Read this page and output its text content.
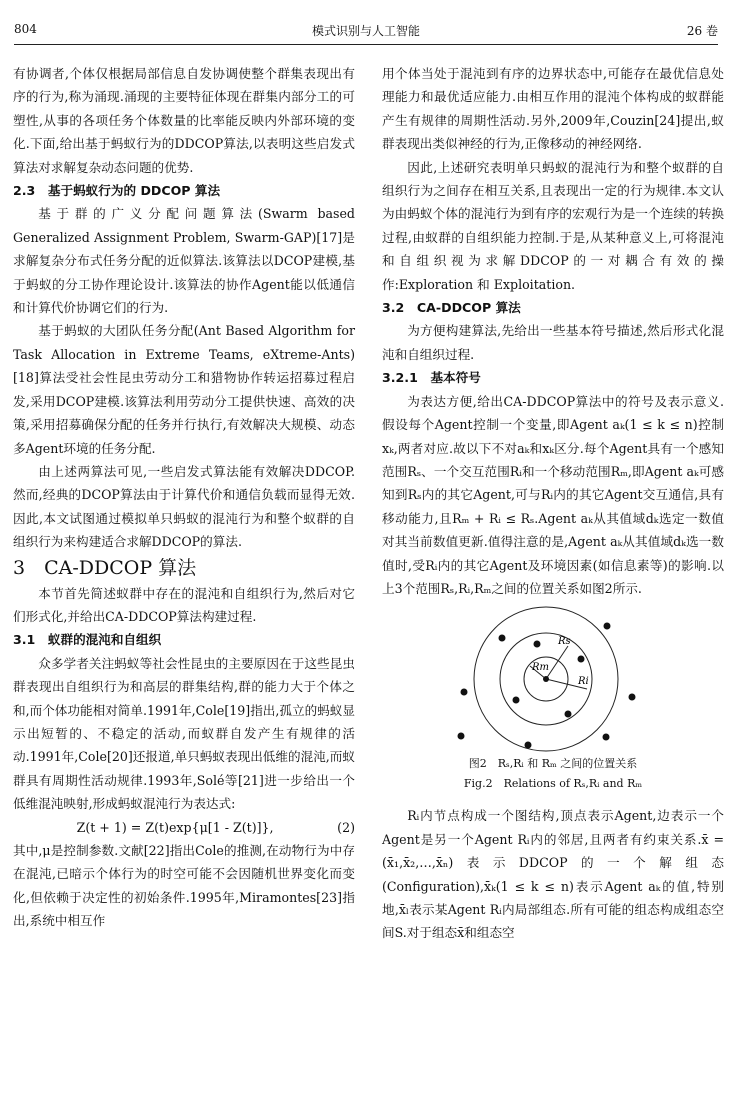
804	模式识别与人工智能	26 卷

有协调者,个体仅根据局部信息自发协调使整个群集表现出有序的行为,称为涌现.涌现的主要特征体现在群集内部分工的可塑性,从事的各项任务个体数量的比率能反映内外部环境的变化.下面,给出基于蚂蚁行为的DDCOP算法,以表明这些启发式算法对求解复杂动态问题的优势.

2.3　基于蚂蚁行为的 DDCOP 算法

基于群的广义分配问题算法(Swarm based Generalized Assignment Problem, Swarm-GAP)[17]是求解复杂分布式任务分配的近似算法.该算法以DCOP建模,基于蚂蚁的分工协作理论设计.该算法的协作Agent能以低通信和计算代价协调它们的行为.

基于蚂蚁的大团队任务分配(Ant Based Algorithm for Task Allocation in Extreme Teams, eXtreme-Ants)[18]算法受社会性昆虫劳动分工和猎物协作转运招募过程启发,采用DCOP建模.该算法利用劳动分工提供快速、高效的决策,采用招募确保分配的任务并行执行,有效解决大规模、动态多Agent环境的任务分配.

由上述两算法可见,一些启发式算法能有效解决DDCOP.然而,经典的DCOP算法由于计算代价和通信负载而显得无效.因此,本文试图通过模拟单只蚂蚁的混沌行为和整个蚁群的自组织行为来构建适合求解DDCOP的算法.

3　CA-DDCOP 算法

本节首先简述蚁群中存在的混沌和自组织行为,然后对它们形式化,并给出CA-DDCOP算法构建过程.

3.1　蚁群的混沌和自组织

众多学者关注蚂蚁等社会性昆虫的主要原因在于这些昆虫群表现出自组织行为和高层的群集结构,群的能力大于个体之和,而个体功能相对简单.1991年,Cole[19]指出,孤立的蚂蚁显示出短暂的、不稳定的活动,而蚁群自发产生有规律的活动.1991年,Cole[20]还报道,单只蚂蚁表现出低维的混沌,而蚁群具有周期性活动规律.1993年,Solé等[21]进一步给出一个低维混沌映射,形成蚂蚁混沌行为表达式:

Z(t + 1) = Z(t)exp{μ[1 - Z(t)]},	(2)

其中,μ是控制参数.文献[22]指出Cole的推测,在动物行为中存在混沌,已暗示个体行为的时空可能不会因随机世界变化而变化,但依赖于决定性的初始条件.1995年,Miramontes[23]指出,系统中相互作

用个体当处于混沌到有序的边界状态中,可能存在最优信息处理能力和最优适应能力.由相互作用的混沌个体构成的蚁群能产生有规律的周期性活动.另外,2009年,Couzin[24]提出,蚁群表现出类似神经的行为,正像移动的神经网络.

因此,上述研究表明单只蚂蚁的混沌行为和整个蚁群的自组织行为之间存在相互关系,且表现出一定的行为规律.本文认为由蚂蚁个体的混沌行为到有序的宏观行为是一个连续的转换过程,由蚁群的自组织能力控制.于是,从某种意义上,可将混沌和自组织视为求解DDCOP的一对耦合有效的操作:Exploration 和 Exploitation.

3.2　CA-DDCOP 算法

为方便构建算法,先给出一些基本符号描述,然后形式化混沌和自组织过程.

3.2.1　基本符号

为表达方便,给出CA-DDCOP算法中的符号及表示意义.假设每个Agent控制一个变量,即Agent aₖ(1 ≤ k ≤ n)控制xₖ,两者对应.故以下不对aₖ和xₖ区分.每个Agent具有一个感知范围Rₛ、一个交互范围Rᵢ和一个移动范围Rₘ,即Agent aₖ可感知到Rₛ内的其它Agent,可与Rᵢ内的其它Agent交互通信,具有移动能力,且Rₘ + Rᵢ ≤ Rₛ.Agent aₖ从其值域dₖ选定一数值对其当前数值更新.值得注意的是,Agent aₖ从其值域dₖ选一数值时,受Rᵢ内的其它Agent及环境因素(如信息素等)的影响.以上3个范围Rₛ,Rᵢ,Rₘ之间的位置关系如图2所示.

Rs
Ri
Rm
图2　Rₛ,Rᵢ 和 Rₘ 之间的位置关系
Fig.2　Relations of Rₛ,Rᵢ and Rₘ

Rᵢ内节点构成一个图结构,顶点表示Agent,边表示一个Agent是另一个Agent Rᵢ内的邻居,且两者有约束关系.x̄ = (x̄₁,x̄₂,…,x̄ₙ)表示DDCOP的一个解组态(Configuration),x̄ₖ(1 ≤ k ≤ n)表示Agent aₖ的值,特别地,x̄ₗ表示某Agent Rᵢ内局部组态.所有可能的组态构成组态空间S.对于组态x̄和组态空
